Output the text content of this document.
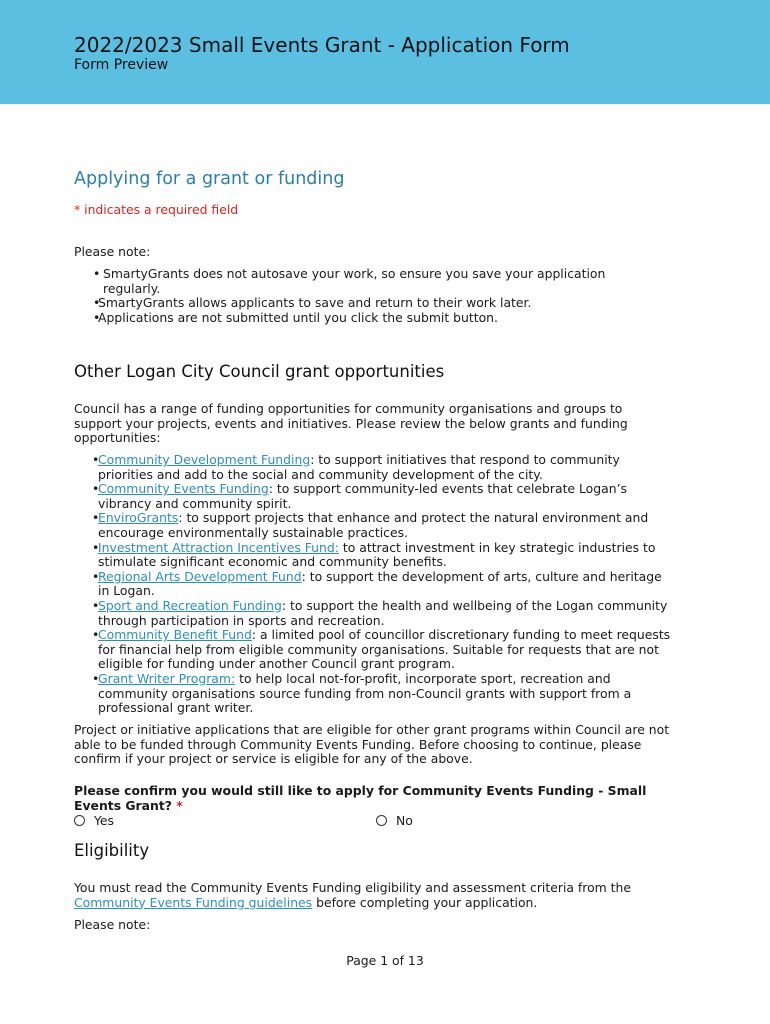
2022/2023 Small Events Grant - Application Form
Form Preview
Applying for a grant or funding
* indicates a required field
Please note:
• SmartyGrants does not autosave your work, so ensure you save your application regularly.
• SmartyGrants allows applicants to save and return to their work later.
• Applications are not submitted until you click the submit button.
Other Logan City Council grant opportunities
Council has a range of funding opportunities for community organisations and groups to support your projects, events and initiatives. Please review the below grants and funding opportunities:
• Community Development Funding: to support initiatives that respond to community priorities and add to the social and community development of the city.
• Community Events Funding: to support community-led events that celebrate Logan’s vibrancy and community spirit.
• EnviroGrants: to support projects that enhance and protect the natural environment and encourage environmentally sustainable practices.
• Investment Attraction Incentives Fund: to attract investment in key strategic industries to stimulate significant economic and community benefits.
• Regional Arts Development Fund: to support the development of arts, culture and heritage in Logan.
• Sport and Recreation Funding: to support the health and wellbeing of the Logan community through participation in sports and recreation.
• Community Benefit Fund: a limited pool of councillor discretionary funding to meet requests for financial help from eligible community organisations. Suitable for requests that are not eligible for funding under another Council grant program.
• Grant Writer Program: to help local not-for-profit, incorporate sport, recreation and community organisations source funding from non-Council grants with support from a professional grant writer.
Project or initiative applications that are eligible for other grant programs within Council are not able to be funded through Community Events Funding. Before choosing to continue, please confirm if your project or service is eligible for any of the above.
Please confirm you would still like to apply for Community Events Funding - Small Events Grant? *
Yes	No
Eligibility
You must read the Community Events Funding eligibility and assessment criteria from the Community Events Funding guidelines before completing your application.
Please note:
Page 1 of 13
